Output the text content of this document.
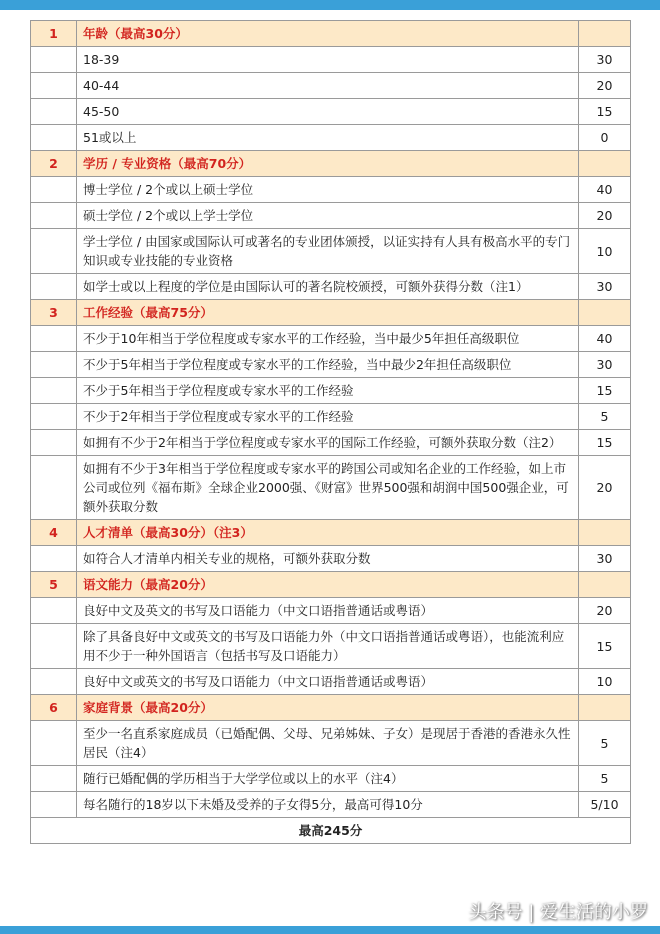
1	年龄（最高30分）	
	18-39	30
	40-44	20
	45-50	15
	51或以上	0
2	学历 / 专业资格（最高70分）	
	博士学位 / 2个或以上硕士学位	40
	硕士学位 / 2个或以上学士学位	20
	学士学位 / 由国家或国际认可或著名的专业团体颁授，以证实持有人具有极高水平的专门知识或专业技能的专业资格	10
	如学士或以上程度的学位是由国际认可的著名院校颁授，可额外获得分数（注1）	30
3	工作经验（最高75分）	
	不少于10年相当于学位程度或专家水平的工作经验，当中最少5年担任高级职位	40
	不少于5年相当于学位程度或专家水平的工作经验，当中最少2年担任高级职位	30
	不少于5年相当于学位程度或专家水平的工作经验	15
	不少于2年相当于学位程度或专家水平的工作经验	5
	如拥有不少于2年相当于学位程度或专家水平的国际工作经验，可额外获取分数（注2）	15
	如拥有不少于3年相当于学位程度或专家水平的跨国公司或知名企业的工作经验，如上市公司或位列《福布斯》全球企业2000强、《财富》世界500强和胡润中国500强企业，可额外获取分数	20
4	人才清单（最高30分）（注3）	
	如符合人才清单内相关专业的规格，可额外获取分数	30
5	语文能力（最高20分）	
	良好中文及英文的书写及口语能力（中文口语指普通话或粤语）	20
	除了具备良好中文或英文的书写及口语能力外（中文口语指普通话或粤语），也能流利应用不少于一种外国语言（包括书写及口语能力）	15
	良好中文或英文的书写及口语能力（中文口语指普通话或粤语）	10
6	家庭背景（最高20分）	
	至少一名直系家庭成员（已婚配偶、父母、兄弟姊妹、子女）是现居于香港的香港永久性居民（注4）	5
	随行已婚配偶的学历相当于大学学位或以上的水平（注4）	5
	每名随行的18岁以下未婚及受养的子女得5分，最高可得10分	5/10
最高245分		
头条号 | 爱生活的小罗
